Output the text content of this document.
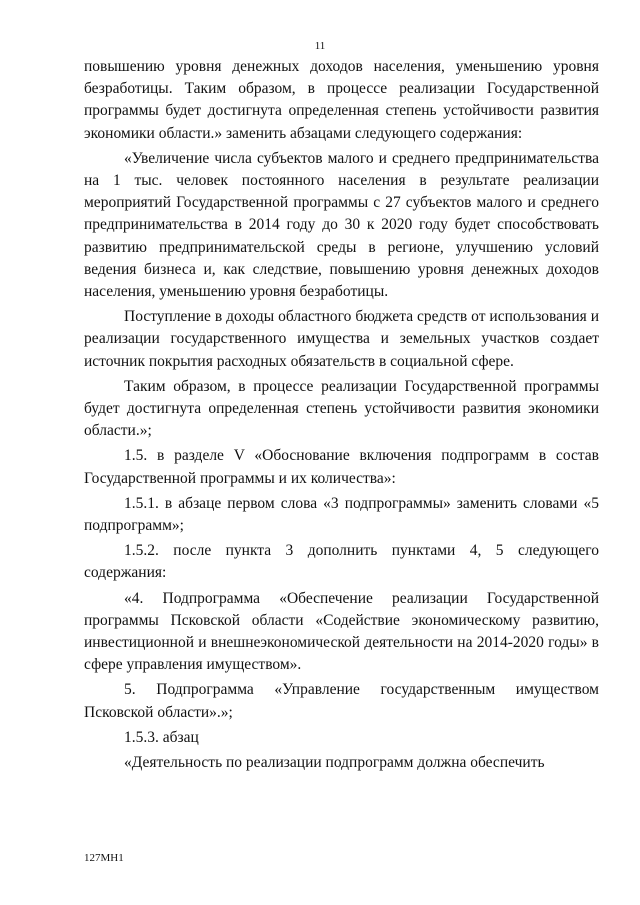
11

повышению уровня денежных доходов населения, уменьшению уровня безработицы. Таким образом, в процессе реализации Государственной программы будет достигнута определенная степень устойчивости развития экономики области.» заменить абзацами следующего содержания:

«Увеличение числа субъектов малого и среднего предпринимательства на 1 тыс. человек постоянного населения в результате реализации мероприятий Государственной программы с 27 субъектов малого и среднего предпринимательства в 2014 году до 30 к 2020 году будет способствовать развитию предпринимательской среды в регионе, улучшению условий ведения бизнеса и, как следствие, повышению уровня денежных доходов населения, уменьшению уровня безработицы.

Поступление в доходы областного бюджета средств от использования и реализации государственного имущества и земельных участков создает источник покрытия расходных обязательств в социальной сфере.

Таким образом, в процессе реализации Государственной программы будет достигнута определенная степень устойчивости развития экономики области.»;

1.5. в разделе V «Обоснование включения подпрограмм в состав Государственной программы и их количества»:

1.5.1. в абзаце первом слова «3 подпрограммы» заменить словами «5 подпрограмм»;

1.5.2. после пункта 3 дополнить пунктами 4, 5 следующего содержания:

«4. Подпрограмма «Обеспечение реализации Государственной программы Псковской области «Содействие экономическому развитию, инвестиционной и внешнеэкономической деятельности на 2014-2020 годы» в сфере управления имуществом».

5. Подпрограмма «Управление государственным имуществом Псковской области».»;

1.5.3. абзац

«Деятельность по реализации подпрограмм должна обеспечить

127МН1
